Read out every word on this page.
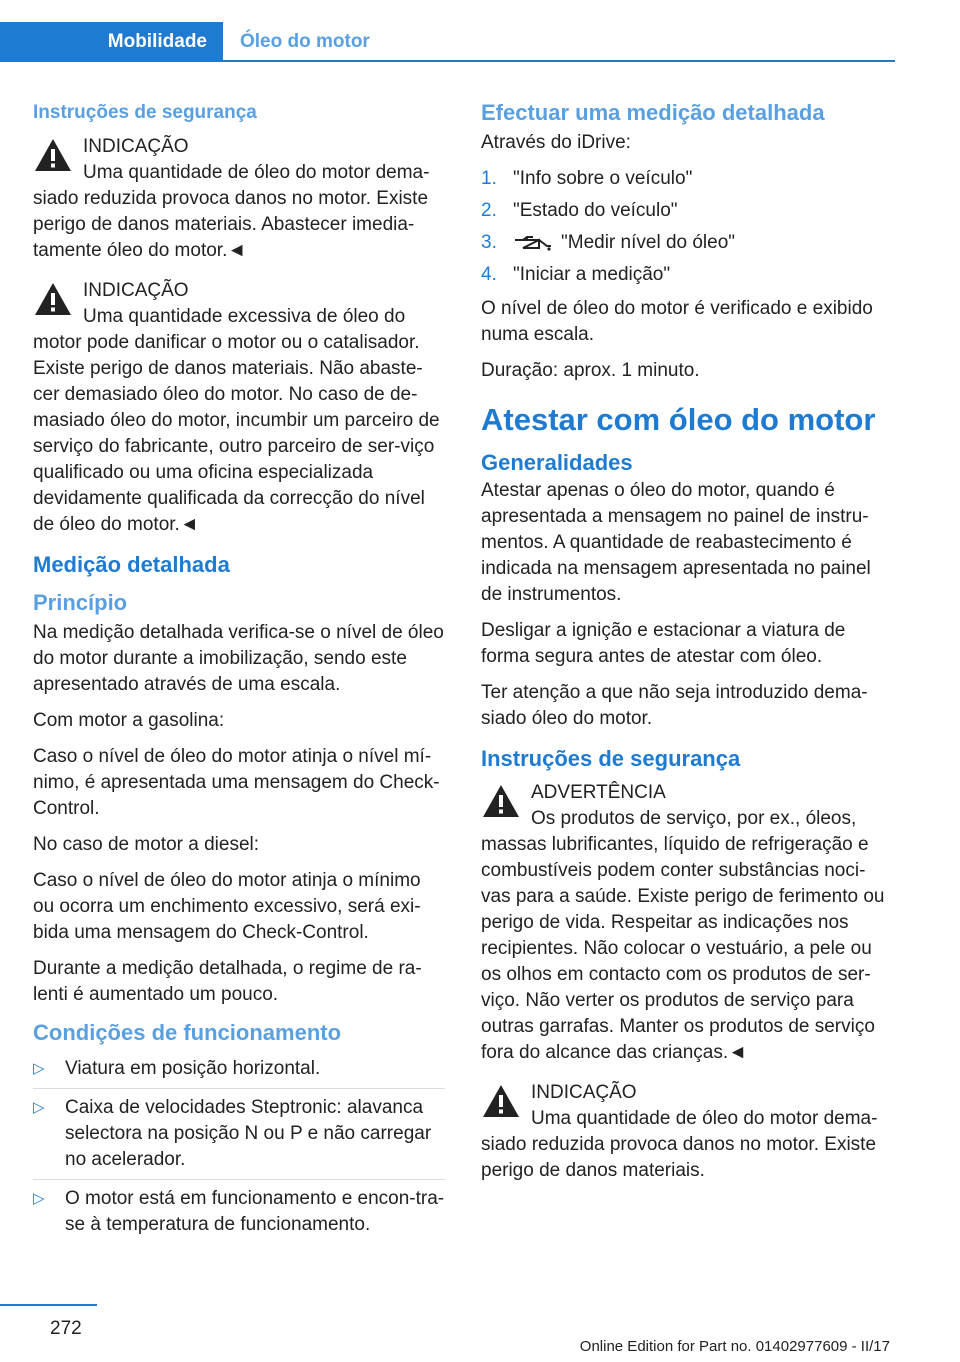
Mobilidade	Óleo do motor
Instruções de segurança
INDICAÇÃO
Uma quantidade de óleo do motor dema-siado reduzida provoca danos no motor. Existe perigo de danos materiais. Abastecer imedia-tamente óleo do motor.◄
INDICAÇÃO
Uma quantidade excessiva de óleo do motor pode danificar o motor ou o catalisador. Existe perigo de danos materiais. Não abaste-cer demasiado óleo do motor. No caso de de-masiado óleo do motor, incumbir um parceiro de serviço do fabricante, outro parceiro de ser-viço qualificado ou uma oficina especializada devidamente qualificada da correcção do nível de óleo do motor.◄
Medição detalhada
Princípio

Na medição detalhada verifica-se o nível de óleo do motor durante a imobilização, sendo este apresentado através de uma escala.

Com motor a gasolina:

Caso o nível de óleo do motor atinja o nível mí-nimo, é apresentada uma mensagem do Check-Control.

No caso de motor a diesel:

Caso o nível de óleo do motor atinja o mínimo ou ocorra um enchimento excessivo, será exi-bida uma mensagem do Check-Control.

Durante a medição detalhada, o regime de ra-lenti é aumentado um pouco.

Condições de funcionamento
▷	Viatura em posição horizontal.
▷	Caixa de velocidades Steptronic: alavanca selectora na posição N ou P e não carregar no acelerador.
▷	O motor está em funcionamento e encon-tra-se à temperatura de funcionamento.
Efectuar uma medição detalhada

Através do iDrive:

1. "Info sobre o veículo"
2. "Estado do veículo"
3.	"Medir nível do óleo"
4. "Iniciar a medição"

O nível de óleo do motor é verificado e exibido numa escala.

Duração: aprox. 1 minuto.

Atestar com óleo do motor
Generalidades

Atestar apenas o óleo do motor, quando é apresentada a mensagem no painel de instru-mentos. A quantidade de reabastecimento é indicada na mensagem apresentada no painel de instrumentos.

Desligar a ignição e estacionar a viatura de forma segura antes de atestar com óleo.

Ter atenção a que não seja introduzido dema-siado óleo do motor.

Instruções de segurança
ADVERTÊNCIA
Os produtos de serviço, por ex., óleos, massas lubrificantes, líquido de refrigeração e combustíveis podem conter substâncias noci-vas para a saúde. Existe perigo de ferimento ou perigo de vida. Respeitar as indicações nos recipientes. Não colocar o vestuário, a pele ou os olhos em contacto com os produtos de ser-viço. Não verter os produtos de serviço para outras garrafas. Manter os produtos de serviço fora do alcance das crianças.◄
INDICAÇÃO
Uma quantidade de óleo do motor dema-siado reduzida provoca danos no motor. Existe perigo de danos materiais.
272
Online Edition for Part no. 01402977609 - II/17
